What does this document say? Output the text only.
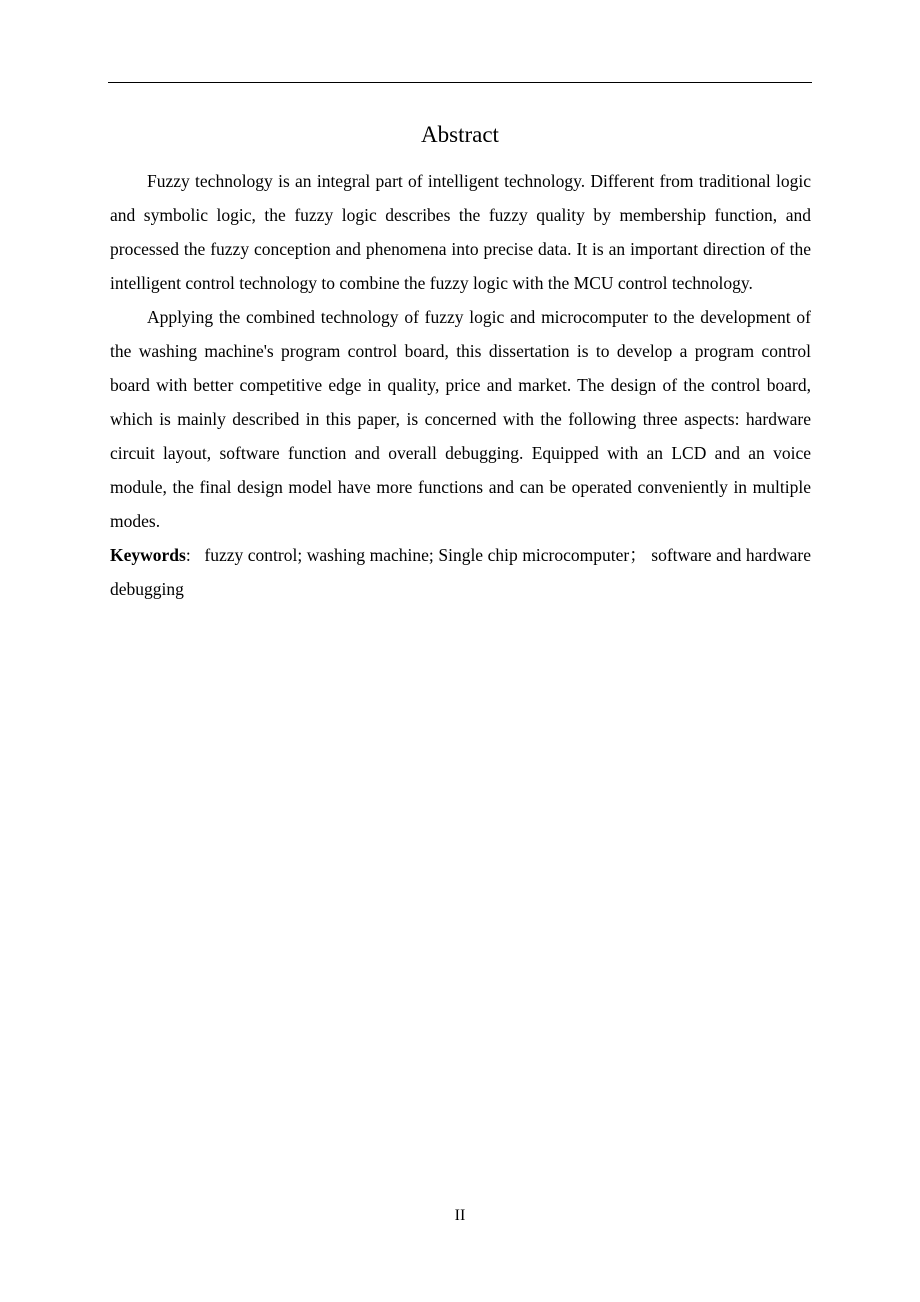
Abstract

Fuzzy technology is an integral part of intelligent technology. Different from traditional logic and symbolic logic, the fuzzy logic describes the fuzzy quality by membership function, and processed the fuzzy conception and phenomena into precise data. It is an important direction of the intelligent control technology to combine the fuzzy logic with the MCU control technology.

Applying the combined technology of fuzzy logic and microcomputer to the development of the washing machine's program control board, this dissertation is to develop a program control board with better competitive edge in quality, price and market. The design of the control board, which is mainly described in this paper, is concerned with the following three aspects: hardware circuit layout, software function and overall debugging. Equipped with an LCD and an voice module, the final design model have more functions and can be operated conveniently in multiple modes.

Keywords: fuzzy control; washing machine; Single chip microcomputer； software and hardware debugging

II
